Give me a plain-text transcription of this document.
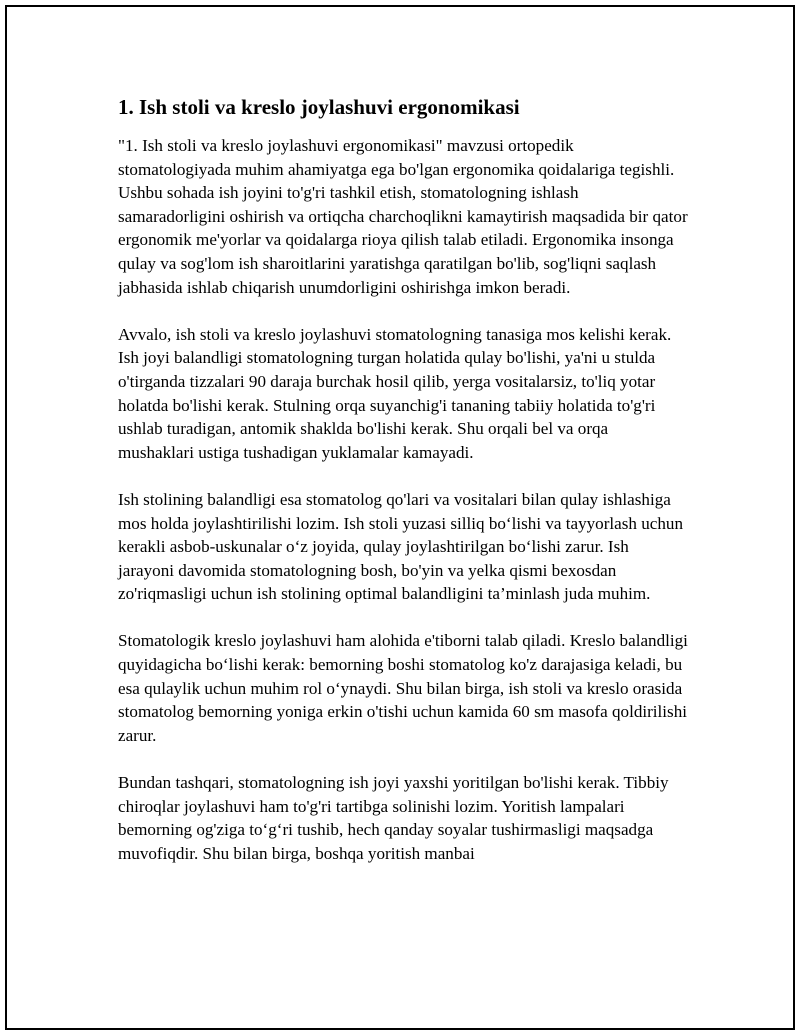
1. Ish stoli va kreslo joylashuvi ergonomikasi

"1. Ish stoli va kreslo joylashuvi ergonomikasi" mavzusi ortopedik stomatologiyada muhim ahamiyatga ega bo'lgan ergonomika qoidalariga tegishli. Ushbu sohada ish joyini to'g'ri tashkil etish, stomatologning ishlash samaradorligini oshirish va ortiqcha charchoqlikni kamaytirish maqsadida bir qator ergonomik me'yorlar va qoidalarga rioya qilish talab etiladi. Ergonomika insonga qulay va sog'lom ish sharoitlarini yaratishga qaratilgan bo'lib, sog'liqni saqlash jabhasida ishlab chiqarish unumdorligini oshirishga imkon beradi.

Avvalo, ish stoli va kreslo joylashuvi stomatologning tanasiga mos kelishi kerak. Ish joyi balandligi stomatologning turgan holatida qulay bo'lishi, ya'ni u stulda o'tirganda tizzalari 90 daraja burchak hosil qilib, yerga vositalarsiz, to'liq yotar holatda bo'lishi kerak. Stulning orqa suyanchig'i tananing tabiiy holatida to'g'ri ushlab turadigan, antomik shaklda bo'lishi kerak. Shu orqali bel va orqa mushaklari ustiga tushadigan yuklamalar kamayadi.

Ish stolining balandligi esa stomatolog qo'lari va vositalari bilan qulay ishlashiga mos holda joylashtirilishi lozim. Ish stoli yuzasi silliq boʻlishi va tayyorlash uchun kerakli asbob-uskunalar oʻz joyida, qulay joylashtirilgan boʻlishi zarur. Ish jarayoni davomida stomatologning bosh, bo'yin va yelka qismi bexosdan zo'riqmasligi uchun ish stolining optimal balandligini ta’minlash juda muhim.

Stomatologik kreslo joylashuvi ham alohida e'tiborni talab qiladi. Kreslo balandligi quyidagicha boʻlishi kerak: bemorning boshi stomatolog ko'z darajasiga keladi, bu esa qulaylik uchun muhim rol oʻynaydi. Shu bilan birga, ish stoli va kreslo orasida stomatolog bemorning yoniga erkin o'tishi uchun kamida 60 sm masofa qoldirilishi zarur.

Bundan tashqari, stomatologning ish joyi yaxshi yoritilgan bo'lishi kerak. Tibbiy chiroqlar joylashuvi ham to'g'ri tartibga solinishi lozim. Yoritish lampalari bemorning og'ziga toʻgʻri tushib, hech qanday soyalar tushirmasligi maqsadga muvofiqdir. Shu bilan birga, boshqa yoritish manbai
